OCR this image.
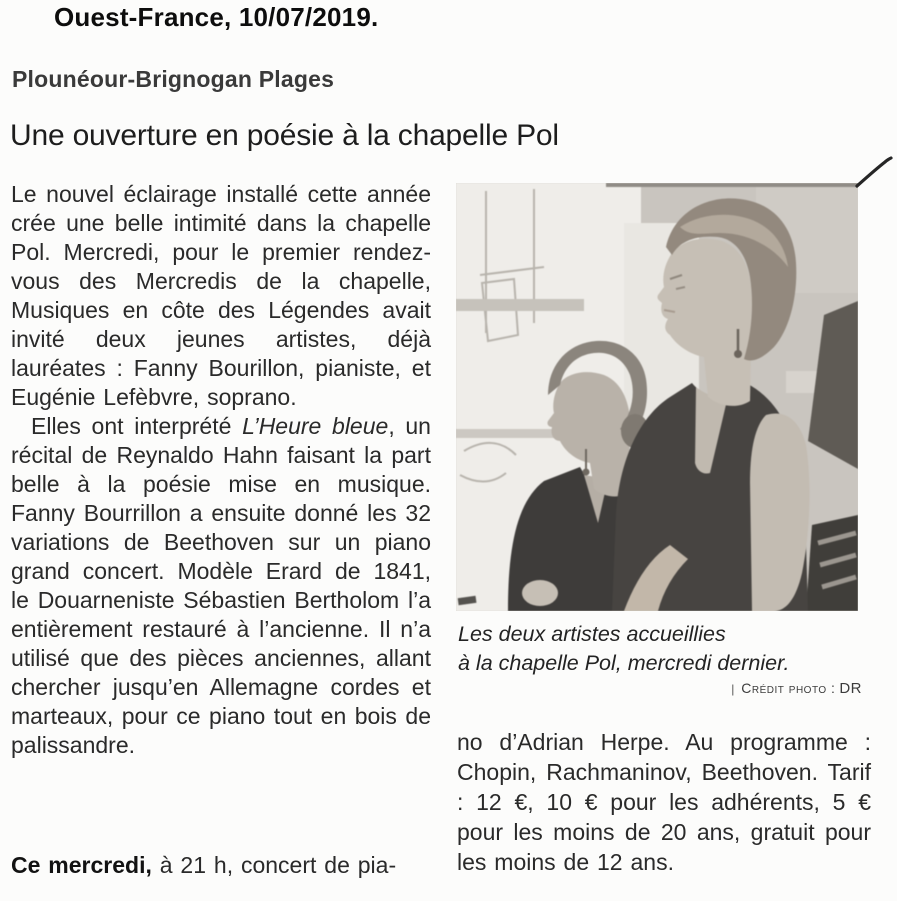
Ouest-France, 10/07/2019.
Plounéour-Brignogan Plages
Une ouverture en poésie à la chapelle Pol

Le nouvel éclairage installé cette année crée une belle intimité dans la chapelle Pol. Mercredi, pour le premier rendez-vous des Mercredis de la chapelle, Musiques en côte des Légendes avait invité deux jeunes artistes, déjà lauréates : Fanny Bourillon, pianiste, et Eugénie Lefèbvre, soprano.

Elles ont interprété L’Heure bleue, un récital de Reynaldo Hahn faisant la part belle à la poésie mise en musique. Fanny Bourrillon a ensuite donné les 32 variations de Beethoven sur un piano grand concert. Modèle Erard de 1841, le Douarneniste Sébastien Bertholom l’a entièrement restauré à l’ancienne. Il n’a utilisé que des pièces anciennes, allant chercher jusqu’en Allemagne cordes et marteaux, pour ce piano tout en bois de palissandre.

Ce mercredi, à 21 h, concert de pia-

Les deux artistes accueillies
à la chapelle Pol, mercredi dernier.
| Crédit photo : DR

no d’Adrian Herpe. Au programme : Chopin, Rachmaninov, Beethoven. Tarif : 12 €, 10 € pour les adhérents, 5 € pour les moins de 20 ans, gratuit pour les moins de 12 ans.
